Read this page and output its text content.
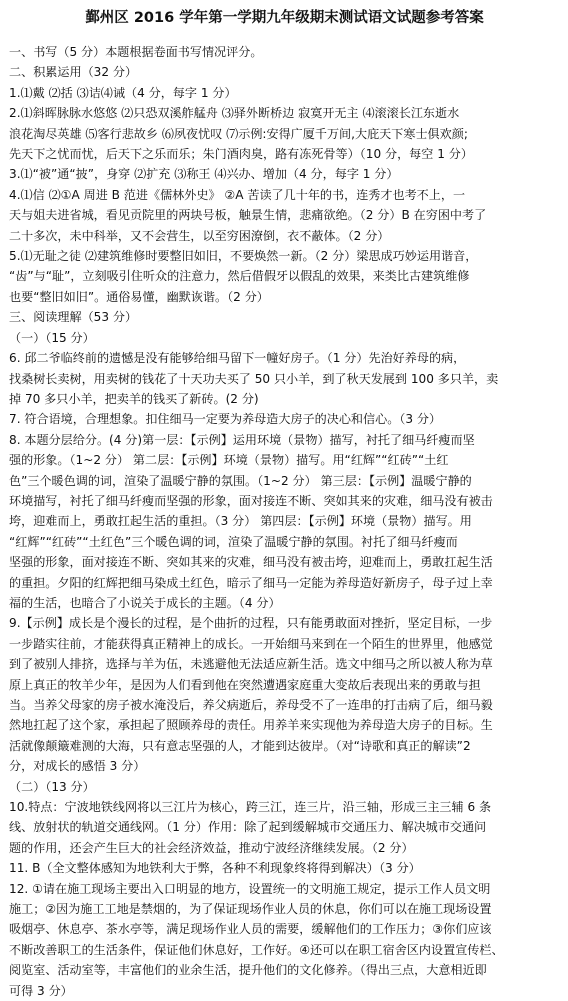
鄞州区 2016 学年第一学期九年级期末测试语文试题参考答案
一、书写（5 分）本题根据卷面书写情况评分。
二、积累运用（32 分）
1.⑴戴 ⑵括 ⑶诘⑷诫（4 分，每字 1 分）
2.⑴斜晖脉脉水悠悠 ⑵只恐双溪舴艋舟 ⑶驿外断桥边 寂寞开无主 ⑷滚滚长江东逝水
浪花淘尽英雄 ⑸客行悲故乡 ⑹夙夜忧叹 ⑺示例:安得广厦千万间,大庇天下寒士俱欢颜;
先天下之忧而忧，后天下之乐而乐；朱门酒肉臭，路有冻死骨等）（10 分，每空 1 分）
3.⑴“被”通“披”，身穿 ⑵扩充 ⑶称王 ⑷兴办、增加（4 分，每字 1 分）
4.⑴信 ⑵①A 周进 B 范进《儒林外史》 ②A 苦读了几十年的书，连秀才也考不上，一
天与姐夫进省城，看见贡院里的两块号板，触景生情，悲痛欲绝。（2 分）B 在穷困中考了
二十多次，未中科举，又不会营生，以至穷困潦倒，衣不蔽体。（2 分）
5.⑴无耻之徒 ⑵建筑维修时要整旧如旧，不要焕然一新。（2 分）梁思成巧妙运用谐音，
“齿”与“耻”，立刻吸引住听众的注意力，然后借假牙以假乱的效果，来类比古建筑维修
也要“整旧如旧”。通俗易懂，幽默诙谐。（2 分）
三、阅读理解（53 分）
（一）（15 分）
6. 邱二爷临终前的遗憾是没有能够给细马留下一幢好房子。（1 分）先治好养母的病，
找桑树长卖树，用卖树的钱花了十天功夫买了 50 只小羊，到了秋天发展到 100 多只羊，卖
掉 70 多只小羊，把卖羊的钱买了新砖。(2 分)
7. 符合语境，合理想象。扣住细马一定要为养母造大房子的决心和信心。（3 分）
8. 本题分层给分。(4 分)第一层：【示例】运用环境（景物）描写，衬托了细马纤瘦而坚
强的形象。（1~2 分） 第二层：【示例】环境（景物）描写。用“红辉”“红砖”“土红
色”三个暖色调的词，渲染了温暖宁静的氛围。（1~2 分） 第三层：【示例】温暖宁静的
环境描写，衬托了细马纤瘦而坚强的形象，面对接连不断、突如其来的灾难，细马没有被击
垮，迎难而上，勇敢扛起生活的重担。（3 分） 第四层：【示例】环境（景物）描写。用
“红辉”“红砖”“土红色”三个暖色调的词，渲染了温暖宁静的氛围。衬托了细马纤瘦而
坚强的形象，面对接连不断、突如其来的灾难，细马没有被击垮，迎难而上，勇敢扛起生活
的重担。夕阳的红辉把细马染成土红色，暗示了细马一定能为养母造好新房子，母子过上幸
福的生活，也暗合了小说关于成长的主题。（4 分）
9.【示例】成长是个漫长的过程，是个曲折的过程，只有能勇敢面对挫折，坚定目标，一步
一步踏实往前，才能获得真正精神上的成长。一开始细马来到在一个陌生的世界里，他感觉
到了被别人排挤，选择与羊为伍，未逃避他无法适应新生活。选文中细马之所以被人称为草
原上真正的牧羊少年，是因为人们看到他在突然遭遇家庭重大变故后表现出来的勇敢与担
当。当养父母家的房子被水淹没后，养父病逝后，养母受不了一连串的打击病了后，细马毅
然地扛起了这个家，承担起了照顾养母的责任。用养羊来实现他为养母造大房子的目标。生
活就像颠簸难测的大海，只有意志坚强的人，才能到达彼岸。（对“诗歌和真正的解读”2
分，对成长的感悟 3 分）
（二）（13 分）
10.特点：宁波地铁线网将以三江片为核心，跨三江，连三片，沿三轴，形成三主三辅 6 条
线、放射状的轨道交通线网。（1 分）作用：除了起到缓解城市交通压力、解决城市交通问
题的作用，还会产生巨大的社会经济效益，推动宁波经济继续发展。（2 分）
11. B（全文整体感知为地铁利大于弊，各种不利现象终将得到解决）（3 分）
12. ①请在施工现场主要出入口明显的地方，设置统一的文明施工规定，提示工作人员文明
施工；②因为施工工地是禁烟的，为了保证现场作业人员的休息，你们可以在施工现场设置
吸烟亭、休息亭、茶水亭等，满足现场作业人员的需要，缓解他们的工作压力；③你们应该
不断改善职工的生活条件，保证他们休息好，工作好。④还可以在职工宿舍区内设置宣传栏、
阅览室、活动室等，丰富他们的业余生活，提升他们的文化修养。（得出三点，大意相近即
可得 3 分）
